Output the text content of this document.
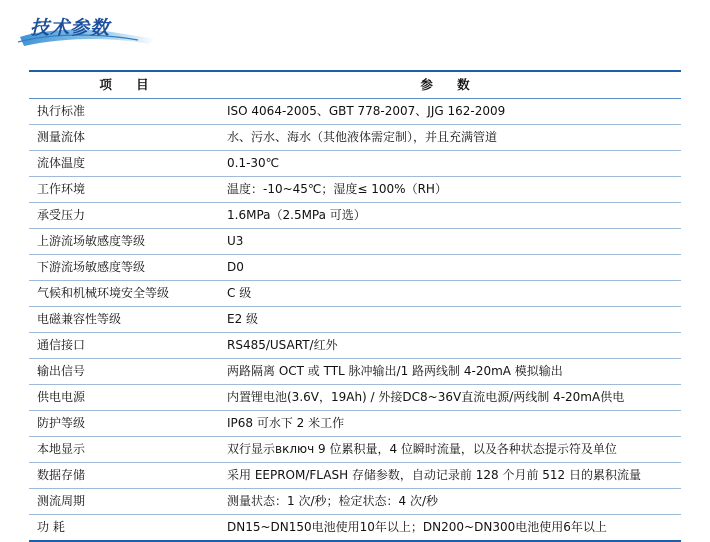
技术参数
项 目	参 数
执行标准	ISO 4064-2005、GBT 778-2007、JJG 162-2009
测量流体	水、污水、海水（其他液体需定制），并且充满管道
流体温度	0.1-30℃
工作环境	温度：-10~45℃；湿度≤ 100%（RH）
承受压力	1.6MPa（2.5MPa 可选）
上游流场敏感度等级	U3
下游流场敏感度等级	D0
气候和机械环境安全等级	C 级
电磁兼容性等级	E2 级
通信接口	RS485/USART/红外
输出信号	两路隔离 OCT 或 TTL 脉冲输出/1 路两线制 4-20mA 模拟输出
供电电源	内置锂电池(3.6V，19Ah) / 外接DC8~36V直流电源/两线制 4-20mA供电
防护等级	IP68 可水下 2 米工作
本地显示	双行显示включ 9 位累积量，4 位瞬时流量，以及各种状态提示符及单位
数据存储	采用 EEPROM/FLASH 存储参数，自动记录前 128 个月前 512 日的累积流量
测流周期	测量状态：1 次/秒；检定状态：4 次/秒
功 耗	DN15~DN150电池使用10年以上；DN200~DN300电池使用6年以上
